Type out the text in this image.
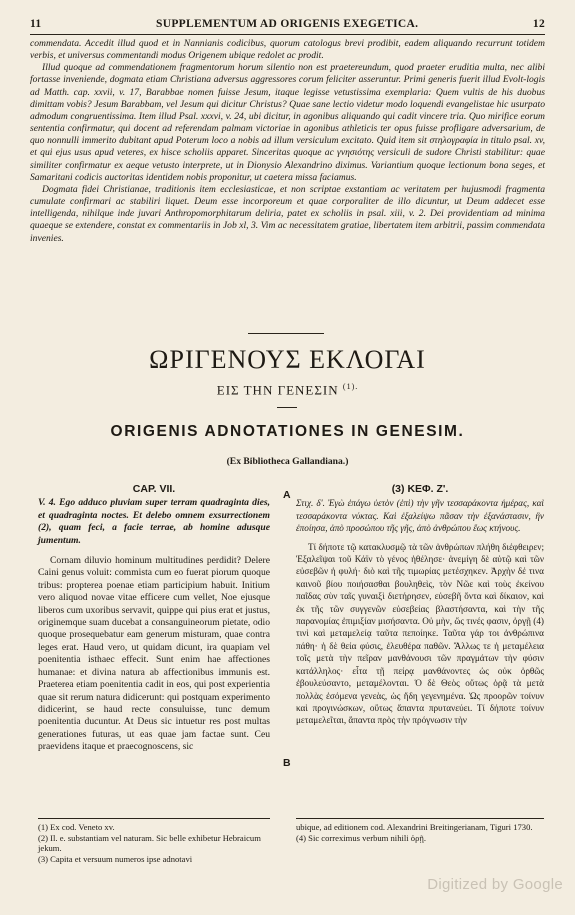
11	SUPPLEMENTUM AD ORIGENIS EXEGETICA.	12

commendata. Accedit illud quod et in Nannianis codicibus, quorum catologus brevi prodibit, eadem aliquando recurrunt totidem verbis, et universus commentandi modus Origenem ubique redolet ac prodit.

Illud quoque ad commendationem fragmentorum horum silentio non est praetereundum, quod praeter eruditia multa, nec alibi fortasse inveniende, dogmata etiam Christiana adversus aggressores corum feliciter asseruntur. Primi generis fuerit illud Evolt-logis ad Matth. cap. xxvii, v. 17, Barabbae nomen fuisse Jesum, itaque legisse vetustissima exemplaria: Quem vultis de his duobus dimittam vobis? Jesum Barabbam, vel Jesum qui dicitur Christus? Quae sane lectio videtur modo loquendi evangelistae hic usurpato admodum congruentissima. Item illud Psal. xxxvi, v. 24, ubi dicitur, in agonibus aliquando qui cadit vincere tria. Quo mirifice eorum sententia confirmatur, qui docent ad referendam palmam victoriae in agonibus athleticis ter opus fuisse profligare adversarium, de quo nonnulli immerito dubitant apud Poterum loco a nobis ad illum versiculum excitato. Quid item sit στηλογραφία in titulo psal. xv, et qui ejus usus apud veteres, ex hisce scholiis apparet. Sinceritas quoque ac γνησιότης versiculi de sudore Christi stabilitur: quae similiter confirmatur ex aeque vetusto interprete, ut in Dionysio Alexandrino diximus. Variantium quoque lectionum bona seges, et Samaritani codicis auctoritas identidem nobis proponitur, ut caetera missa faciamus.

Dogmata fidei Christianae, traditionis item ecclesiasticae, et non scriptae exstantiam ac veritatem per hujusmodi fragmenta cumulate confirmari ac stabiliri liquet. Deum esse incorporeum et quae corporaliter de illo dicuntur, ut Deum addecet esse intelligenda, nihilque inde juvari Anthropomorphitarum deliria, patet ex scholiis in psal. xiii, v. 2. Dei providentiam ad minima quaeque se extendere, constat ex commentariis in Job xl, 3. Vim ac necessitatem gratiae, libertatem item arbitrii, passim commendata invenies.

ΩΡΙΓΕΝΟΥΣ ΕΚΛΟΓΑΙ
ΕΙΣ ΤΗΝ ΓΕΝΕΣΙΝ $^{(1).}$
ORIGENIS ADNOTATIONES IN GENESIM.
(Ex Bibliotheca Gallandiana.)
A
B
CAP. VII.

V. 4. Ego adduco pluviam super terram quadraginta dies, et quadraginta noctes. Et delebo omnem exsurrectionem (2), quam feci, a facie terrae, ab homine adusque jumentum.

Cornam diluvio hominum multitudines perdidit? Delere Caini genus voluit: commista cum eo fuerat piorum quoque tribus: propterea poenae etiam participium habuit. Initium vero aliquod novae vitae efficere cum vellet, Noe ejusque liberos cum uxoribus servavit, quippe qui pius erat et justus, originemque suam ducebat a consanguineorum pietate, odio quoque prosequebatur eam generum misturam, quae contra leges erat. Haud vero, ut quidam dicunt, ira quapiam vel poenitentia isthaec effecit. Sunt enim hae affectiones humanae: et divina natura ab affectionibus immunis est. Praeterea etiam poenitentia cadit in eos, qui post experientia quae sit rerum natura didicerunt: qui postquam experimento didicerint, se haud recte consuluisse, tunc demum poenitentia ducuntur. At Deus sic intuetur res post multas generationes futuras, ut eas quae jam factae sunt. Ceu praevidens itaque et praecognoscens, sic

(3) ΚΕΦ. Ζ'.

Στιχ. δ'. Ἐγὼ ἐπάγω ὑετὸν (ἐπὶ) τὴν γῆν τεσσαράκοντα ἡμέρας, καὶ τεσσαράκοντα νύκτας. Καὶ ἐξαλείψω πᾶσαν τὴν ἐξανάστασιν, ἣν ἐποίησα, ἀπὸ προσώπου τῆς γῆς, ἀπὸ ἀνθρώπου ἕως κτήνους.

Τί δήποτε τῷ κατακλυσμῷ τὰ τῶν ἀνθρώπων πλήθη διέφθειρεν; Ἐξαλεῖψαι τοῦ Κάϊν τὸ γένος ἠθέλησε· ἀνεμίγη δὲ αὐτῷ καὶ τῶν εὐσεβῶν ἡ φυλή· διὸ καὶ τῆς τιμωρίας μετέσχηκεν. Ἀρχὴν δέ τινα καινοῦ βίου ποιήσασθαι βουληθεὶς, τὸν Νῶε καὶ τοὺς ἐκείνου παῖδας σὺν ταῖς γυναιξὶ διετήρησεν, εὐσεβῆ ὄντα καὶ δίκαιον, καὶ ἐκ τῆς τῶν συγγενῶν εὐσεβείας βλαστήσαντα, καὶ τὴν τῆς παρανομίας ἐπιμιξίαν μισήσαντα. Οὐ μὴν, ὥς τινές φασιν, ὀργῇ (4) τινὶ καὶ μεταμελείᾳ ταῦτα πεποίηκε. Ταῦτα γάρ τοι ἀνθρώπινα πάθη· ἡ δὲ θεία φύσις, ἐλευθέρα παθῶν. Ἄλλως τε ἡ μεταμέλεια τοῖς μετὰ τὴν πεῖραν μανθάνουσι τῶν πραγμάτων τὴν φύσιν κατάλληλος· εἶτα τῇ πείρᾳ μανθάνοντες ὡς οὐκ ὀρθῶς ἐβουλεύσαντο, μεταμέλονται. Ὁ δὲ Θεὸς οὕτως ὁρᾷ τὰ μετὰ πολλὰς ἐσόμενα γενεὰς, ὡς ἤδη γεγενημένα. Ὡς προορῶν τοίνυν καὶ προγινώσκων, οὕτως ἅπαντα πρυτανεύει. Τί δήποτε τοίνυν μεταμελεῖται, ἅπαντα πρὸς τὴν πρόγνωσιν τὴν

(1) Ex cod. Veneto xv.
(2) Il. e. substantiam vel naturam. Sic belle exhibetur Hebraicum jekum.
(3) Capita et versuum numeros ipse adnotavi
ubique, ad editionem cod. Alexandrini Breitingerianam, Tiguri 1730.
(4) Sic correximus verbum nihili ὀρῇ.
Digitized by Google
